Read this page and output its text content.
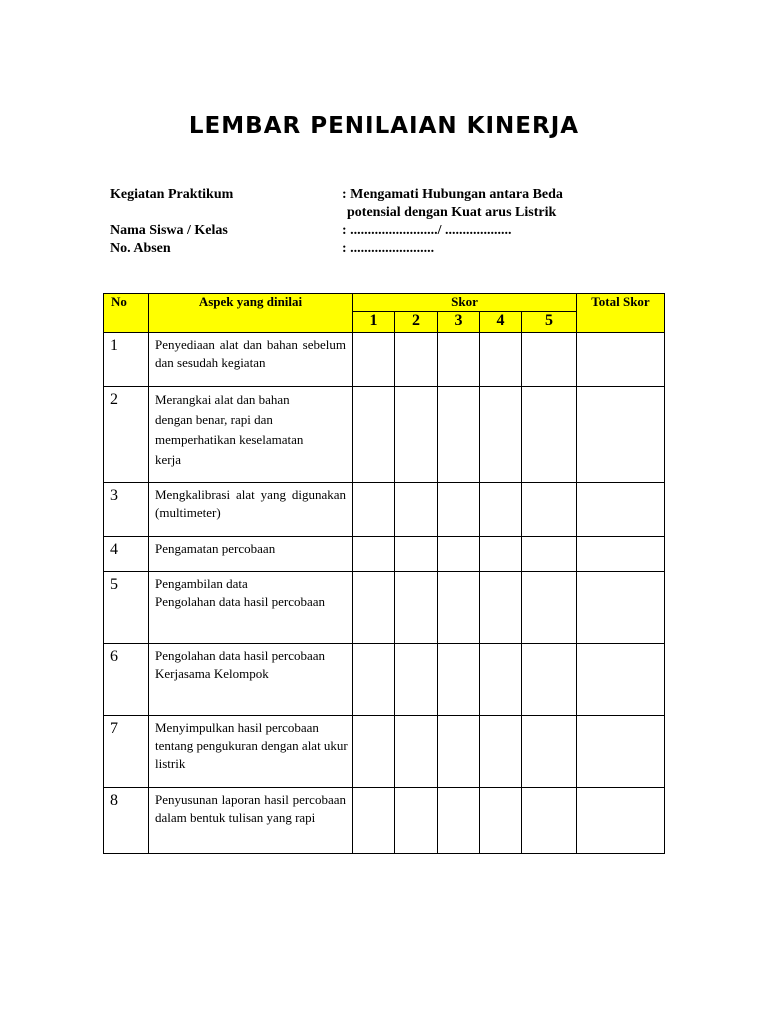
LEMBAR PENILAIAN KINERJA
Kegiatan Praktikum	: Mengamati Hubungan antara Beda
potensial dengan Kuat arus Listrik
Nama Siswa / Kelas	: ........................./ ...................
No. Absen	: ........................
No	Aspek yang dinilai	Skor					Total Skor
		1	2	3	4	5	
1	Penyediaan alat dan bahan sebelum dan sesudah kegiatan						
2	Merangkai alat dan bahan dengan benar, rapi dan memperhatikan keselamatan kerja						
3	Mengkalibrasi alat yang digunakan (multimeter)						
4	Pengamatan percobaan						
5	Pengambilan data
Pengolahan data hasil percobaan						

6	Pengolahan data hasil percobaan
Kerjasama Kelompok						

7	Menyimpulkan hasil percobaan tentang pengukuran dengan alat ukur listrik						
8	Penyusunan laporan hasil percobaan dalam bentuk tulisan yang rapi						
